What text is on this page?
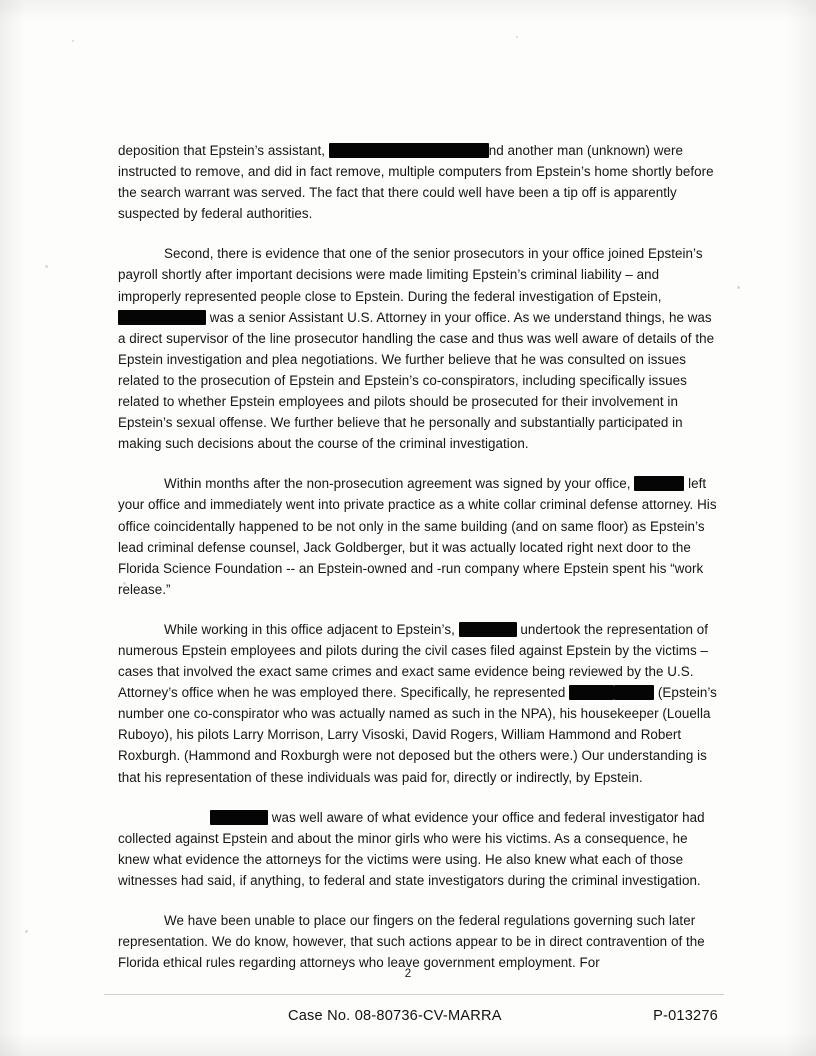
deposition that Epstein’s assistant,	nd another man (unknown) were instructed to remove, and did in fact remove, multiple computers from Epstein’s home shortly before the search warrant was served. The fact that there could well have been a tip off is apparently suspected by federal authorities.

Second, there is evidence that one of the senior prosecutors in your office joined Epstein’s payroll shortly after important decisions were made limiting Epstein’s criminal liability – and improperly represented people close to Epstein. During the federal investigation of Epstein,  was a senior Assistant U.S. Attorney in your office. As we understand things, he was a direct supervisor of the line prosecutor handling the case and thus was well aware of details of the Epstein investigation and plea negotiations. We further believe that he was consulted on issues related to the prosecution of Epstein and Epstein’s co-conspirators, including specifically issues related to whether Epstein employees and pilots should be prosecuted for their involvement in Epstein’s sexual offense. We further believe that he personally and substantially participated in making such decisions about the course of the criminal investigation.

Within months after the non-prosecution agreement was signed by your office,	left your office and immediately went into private practice as a white collar criminal defense attorney. His office coincidentally happened to be not only in the same building (and on same floor) as Epstein’s lead criminal defense counsel, Jack Goldberger, but it was actually located right next door to the Florida Science Foundation -- an Epstein-owned and -run company where Epstein spent his “work release.”

While working in this office adjacent to Epstein’s,	undertook the representation of numerous Epstein employees and pilots during the civil cases filed against Epstein by the victims – cases that involved the exact same crimes and exact same evidence being reviewed by the U.S. Attorney’s office when he was employed there. Specifically, he represented	(Epstein’s number one co-conspirator who was actually named as such in the NPA), his housekeeper (Louella Ruboyo), his pilots Larry Morrison, Larry Visoski, David Rogers, William Hammond and Robert Roxburgh. (Hammond and Roxburgh were not deposed but the others were.) Our understanding is that his representation of these individuals was paid for, directly or indirectly, by Epstein.

was well aware of what evidence your office and federal investigator had collected against Epstein and about the minor girls who were his victims. As a consequence, he knew what evidence the attorneys for the victims were using. He also knew what each of those witnesses had said, if anything, to federal and state investigators during the criminal investigation.

We have been unable to place our fingers on the federal regulations governing such later representation. We do know, however, that such actions appear to be in direct contravention of the Florida ethical rules regarding attorneys who leave government employment. For

2
Case No. 08-80736-CV-MARRA	P-013276
